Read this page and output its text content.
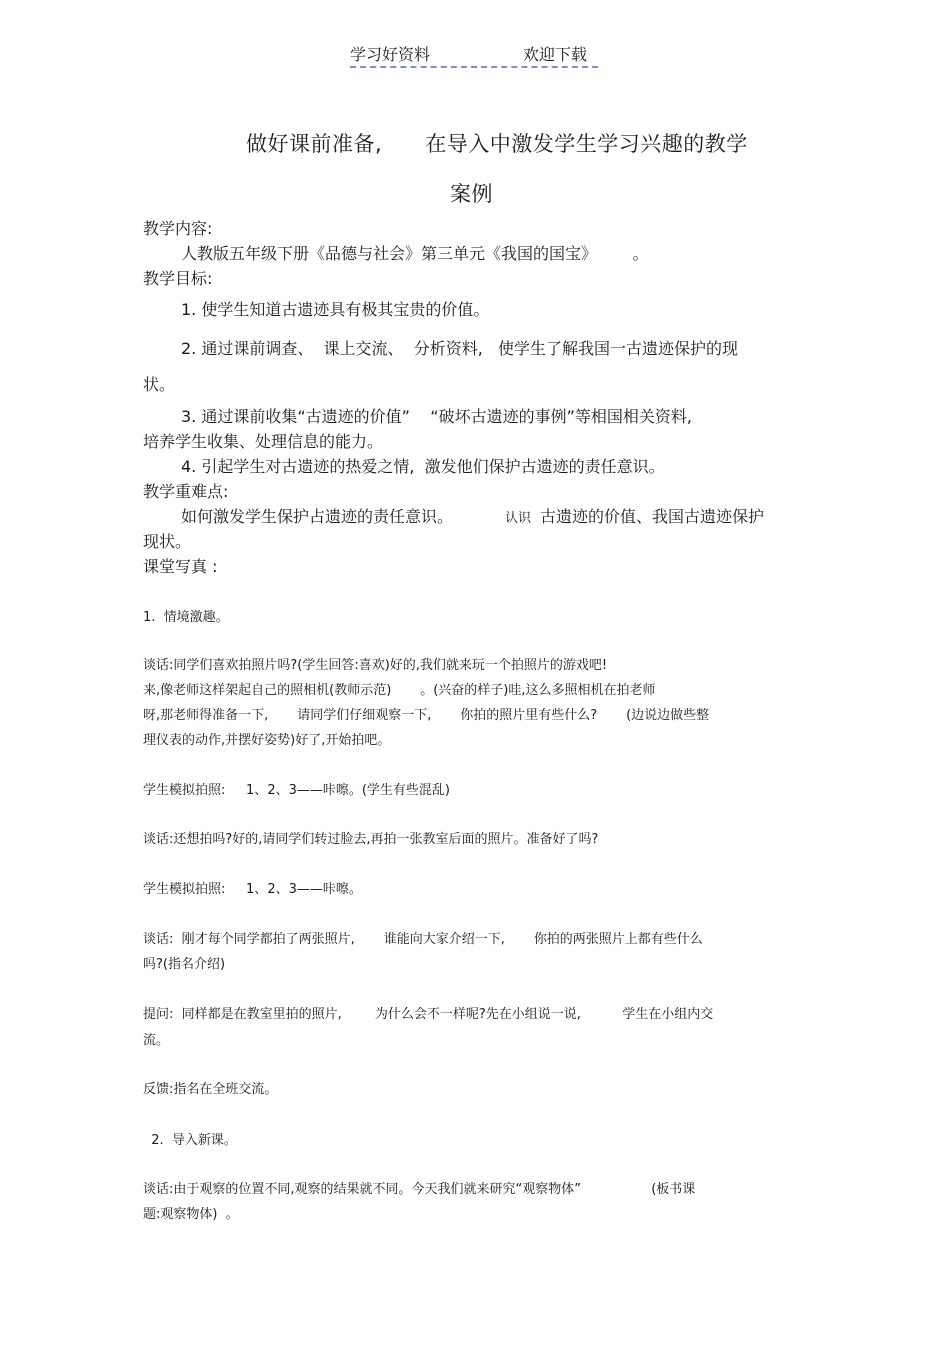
学习好资料	欢迎下载
做好课前准备,      在导入中激发学生学习兴趣的教学
案例
教学内容:
人教版五年级下册《品德与社会》第三单元《我国的国宝》       。
教学目标:
1. 使学生知道古遗迹具有极其宝贵的价值。
2. 通过课前调查、  课上交流、  分析资料,   使学生了解我国一古遗迹保护的现
状。
3. 通过课前收集“古遗迹的价值”    “破坏古遗迹的事例”等相国相关资料,
培养学生收集、处理信息的能力。
4. 引起学生对古遗迹的热爱之情,  激发他们保护古遗迹的责任意识。
教学重难点:
如何激发学生保护占遗迹的责任意识。	认识 古遗迹的价值、我国古遗迹保护
现状。
课堂写真 :
1.  情境激趣。
谈话:同学们喜欢拍照片吗?(学生回答:喜欢)好的,我们就来玩一个拍照片的游戏吧!
来,像老师这样架起自己的照相机(教师示范)       。(兴奋的样子)哇,这么多照相机在拍老师
呀,那老师得准备一下,       请同学们仔细观察一下,       你拍的照片里有些什么?       (边说边做些整
理仪表的动作,并摆好姿势)好了,开始拍吧。
学生模拟拍照:     1、2、3——咔嚓。(学生有些混乱)
谈话:还想拍吗?好的,请同学们转过脸去,再拍一张教室后面的照片。准备好了吗?
学生模拟拍照:     1、2、3——咔嚓。
谈话:  刚才每个同学都拍了两张照片,       谁能向大家介绍一下,       你拍的两张照片上都有些什么
吗?(指名介绍)
提问:  同样都是在教室里拍的照片,        为什么会不一样呢?先在小组说一说,          学生在小组内交
流。
反馈:指名在全班交流。
2.  导入新课。
谈话:由于观察的位置不同,观察的结果就不同。今天我们就来研究“观察物体”                 (板书课
题:观察物体)  。
